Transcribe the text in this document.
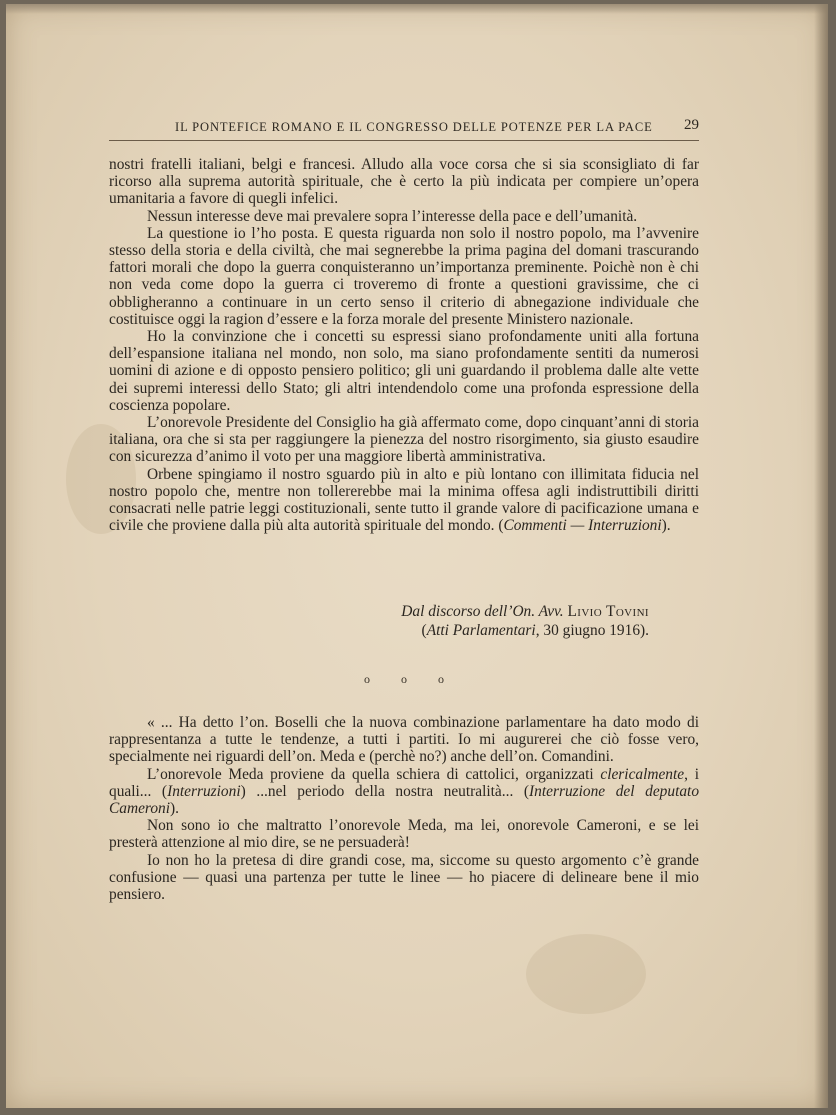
IL PONTEFICE ROMANO E IL CONGRESSO DELLE POTENZE PER LA PACE 29

nostri fratelli italiani, belgi e francesi. Alludo alla voce corsa che si sia sconsigliato di far ricorso alla suprema autorità spirituale, che è certo la più indicata per compiere un’opera umanitaria a favore di quegli infelici.

Nessun interesse deve mai prevalere sopra l’interesse della pace e dell’umanità.

La questione io l’ho posta. E questa riguarda non solo il nostro popolo, ma l’avvenire stesso della storia e della civiltà, che mai segnerebbe la prima pagina del domani trascurando fattori morali che dopo la guerra conquisteranno un’importanza preminente. Poichè non è chi non veda come dopo la guerra ci troveremo di fronte a questioni gravissime, che ci obbligheranno a continuare in un certo senso il criterio di abnegazione individuale che costituisce oggi la ragion d’essere e la forza morale del presente Ministero nazionale.

Ho la convinzione che i concetti su espressi siano profondamente uniti alla fortuna dell’espansione italiana nel mondo, non solo, ma siano profondamente sentiti da numerosi uomini di azione e di opposto pensiero politico; gli uni guardando il problema dalle alte vette dei supremi interessi dello Stato; gli altri intendendolo come una profonda espressione della coscienza popolare.

L’onorevole Presidente del Consiglio ha già affermato come, dopo cinquant’anni di storia italiana, ora che si sta per raggiungere la pienezza del nostro risorgimento, sia giusto esaudire con sicurezza d’animo il voto per una maggiore libertà amministrativa.

Orbene spingiamo il nostro sguardo più in alto e più lontano con illimitata fiducia nel nostro popolo che, mentre non tollererebbe mai la minima offesa agli indistruttibili diritti consacrati nelle patrie leggi costituzionali, sente tutto il grande valore di pacificazione umana e civile che proviene dalla più alta autorità spirituale del mondo. (Commenti — Interruzioni).

Dal discorso dell’On. Avv. Livio Tovini
(Atti Parlamentari, 30 giugno 1916).
o o o

« ... Ha detto l’on. Boselli che la nuova combinazione parlamentare ha dato modo di rappresentanza a tutte le tendenze, a tutti i partiti. Io mi augurerei che ciò fosse vero, specialmente nei riguardi dell’on. Meda e (perchè no?) anche dell’on. Comandini.

L’onorevole Meda proviene da quella schiera di cattolici, organizzati clericalmente, i quali... (Interruzioni) ...nel periodo della nostra neutralità... (Interruzione del deputato Cameroni).

Non sono io che maltratto l’onorevole Meda, ma lei, onorevole Cameroni, e se lei presterà attenzione al mio dire, se ne persuaderà!

Io non ho la pretesa di dire grandi cose, ma, siccome su questo argomento c’è grande confusione — quasi una partenza per tutte le linee — ho piacere di delineare bene il mio pensiero.
